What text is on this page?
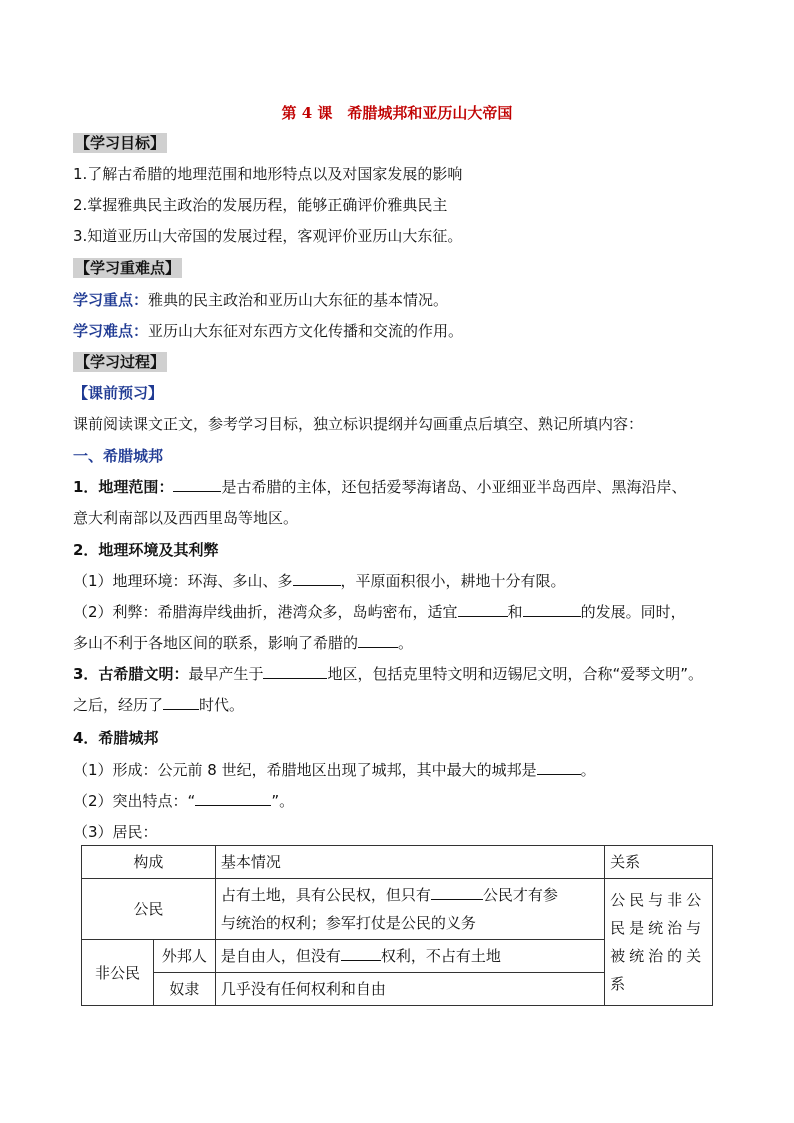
第 4 课　希腊城邦和亚历山大帝国
【学习目标】
1.了解古希腊的地理范围和地形特点以及对国家发展的影响
2.掌握雅典民主政治的发展历程，能够正确评价雅典民主
3.知道亚历山大帝国的发展过程，客观评价亚历山大东征。
【学习重难点】
学习重点：雅典的民主政治和亚历山大东征的基本情况。
学习难点：亚历山大东征对东西方文化传播和交流的作用。
【学习过程】
【课前预习】
课前阅读课文正文，参考学习目标，独立标识提纲并勾画重点后填空、熟记所填内容：
一、希腊城邦
1．地理范围：	是古希腊的主体，还包括爱琴海诸岛、小亚细亚半岛西岸、黑海沿岸、
意大利南部以及西西里岛等地区。
2．地理环境及其利弊
（1）地理环境：环海、多山、多	，平原面积很小，耕地十分有限。
（2）利弊：希腊海岸线曲折，港湾众多，岛屿密布，适宜	和	的发展。同时，
多山不利于各地区间的联系，影响了希腊的	。
3．古希腊文明：最早产生于	地区，包括克里特文明和迈锡尼文明，合称“爱琴文明”。
之后，经历了 时代。
4．希腊城邦
（1）形成：公元前 8 世纪，希腊地区出现了城邦，其中最大的城邦是	。
（2）突出特点：“	”。
（3）居民：
构成		基本情况	关系
公民		占有土地，具有公民权，但只有 公民才有参
与统治的权利；参军打仗是公民的义务	公民与非公民是统治与被统治的关系
非公民	外邦人	是自由人，但没有 权利，不占有土地	
	奴隶	几乎没有任何权利和自由	
